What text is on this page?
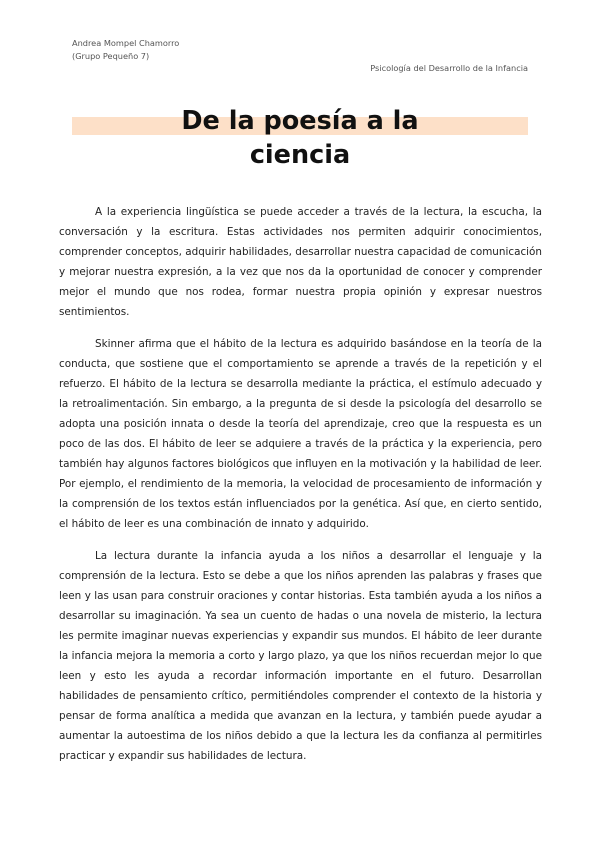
Andrea Mompel Chamorro
(Grupo Pequeño 7)
Psicología del Desarrollo de la Infancia
De la poesía a la
ciencia

A la experiencia lingüística se puede acceder a través de la lectura, la escucha, la conversación y la escritura. Estas actividades nos permiten adquirir conocimientos, comprender conceptos, adquirir habilidades, desarrollar nuestra capacidad de comunicación y mejorar nuestra expresión, a la vez que nos da la oportunidad de conocer y comprender mejor el mundo que nos rodea, formar nuestra propia opinión y expresar nuestros sentimientos.

Skinner afirma que el hábito de la lectura es adquirido basándose en la teoría de la conducta, que sostiene que el comportamiento se aprende a través de la repetición y el refuerzo. El hábito de la lectura se desarrolla mediante la práctica, el estímulo adecuado y la retroalimentación. Sin embargo, a la pregunta de si desde la psicología del desarrollo se adopta una posición innata o desde la teoría del aprendizaje, creo que la respuesta es un poco de las dos. El hábito de leer se adquiere a través de la práctica y la experiencia, pero también hay algunos factores biológicos que influyen en la motivación y la habilidad de leer. Por ejemplo, el rendimiento de la memoria, la velocidad de procesamiento de información y la comprensión de los textos están influenciados por la genética. Así que, en cierto sentido, el hábito de leer es una combinación de innato y adquirido.

La lectura durante la infancia ayuda a los niños a desarrollar el lenguaje y la comprensión de la lectura. Esto se debe a que los niños aprenden las palabras y frases que leen y las usan para construir oraciones y contar historias. Esta también ayuda a los niños a desarrollar su imaginación. Ya sea un cuento de hadas o una novela de misterio, la lectura les permite imaginar nuevas experiencias y expandir sus mundos. El hábito de leer durante la infancia mejora la memoria a corto y largo plazo, ya que los niños recuerdan mejor lo que leen y esto les ayuda a recordar información importante en el futuro. Desarrollan habilidades de pensamiento crítico, permitiéndoles comprender el contexto de la historia y pensar de forma analítica a medida que avanzan en la lectura, y también puede ayudar a aumentar la autoestima de los niños debido a que la lectura les da confianza al permitirles practicar y expandir sus habilidades de lectura.
